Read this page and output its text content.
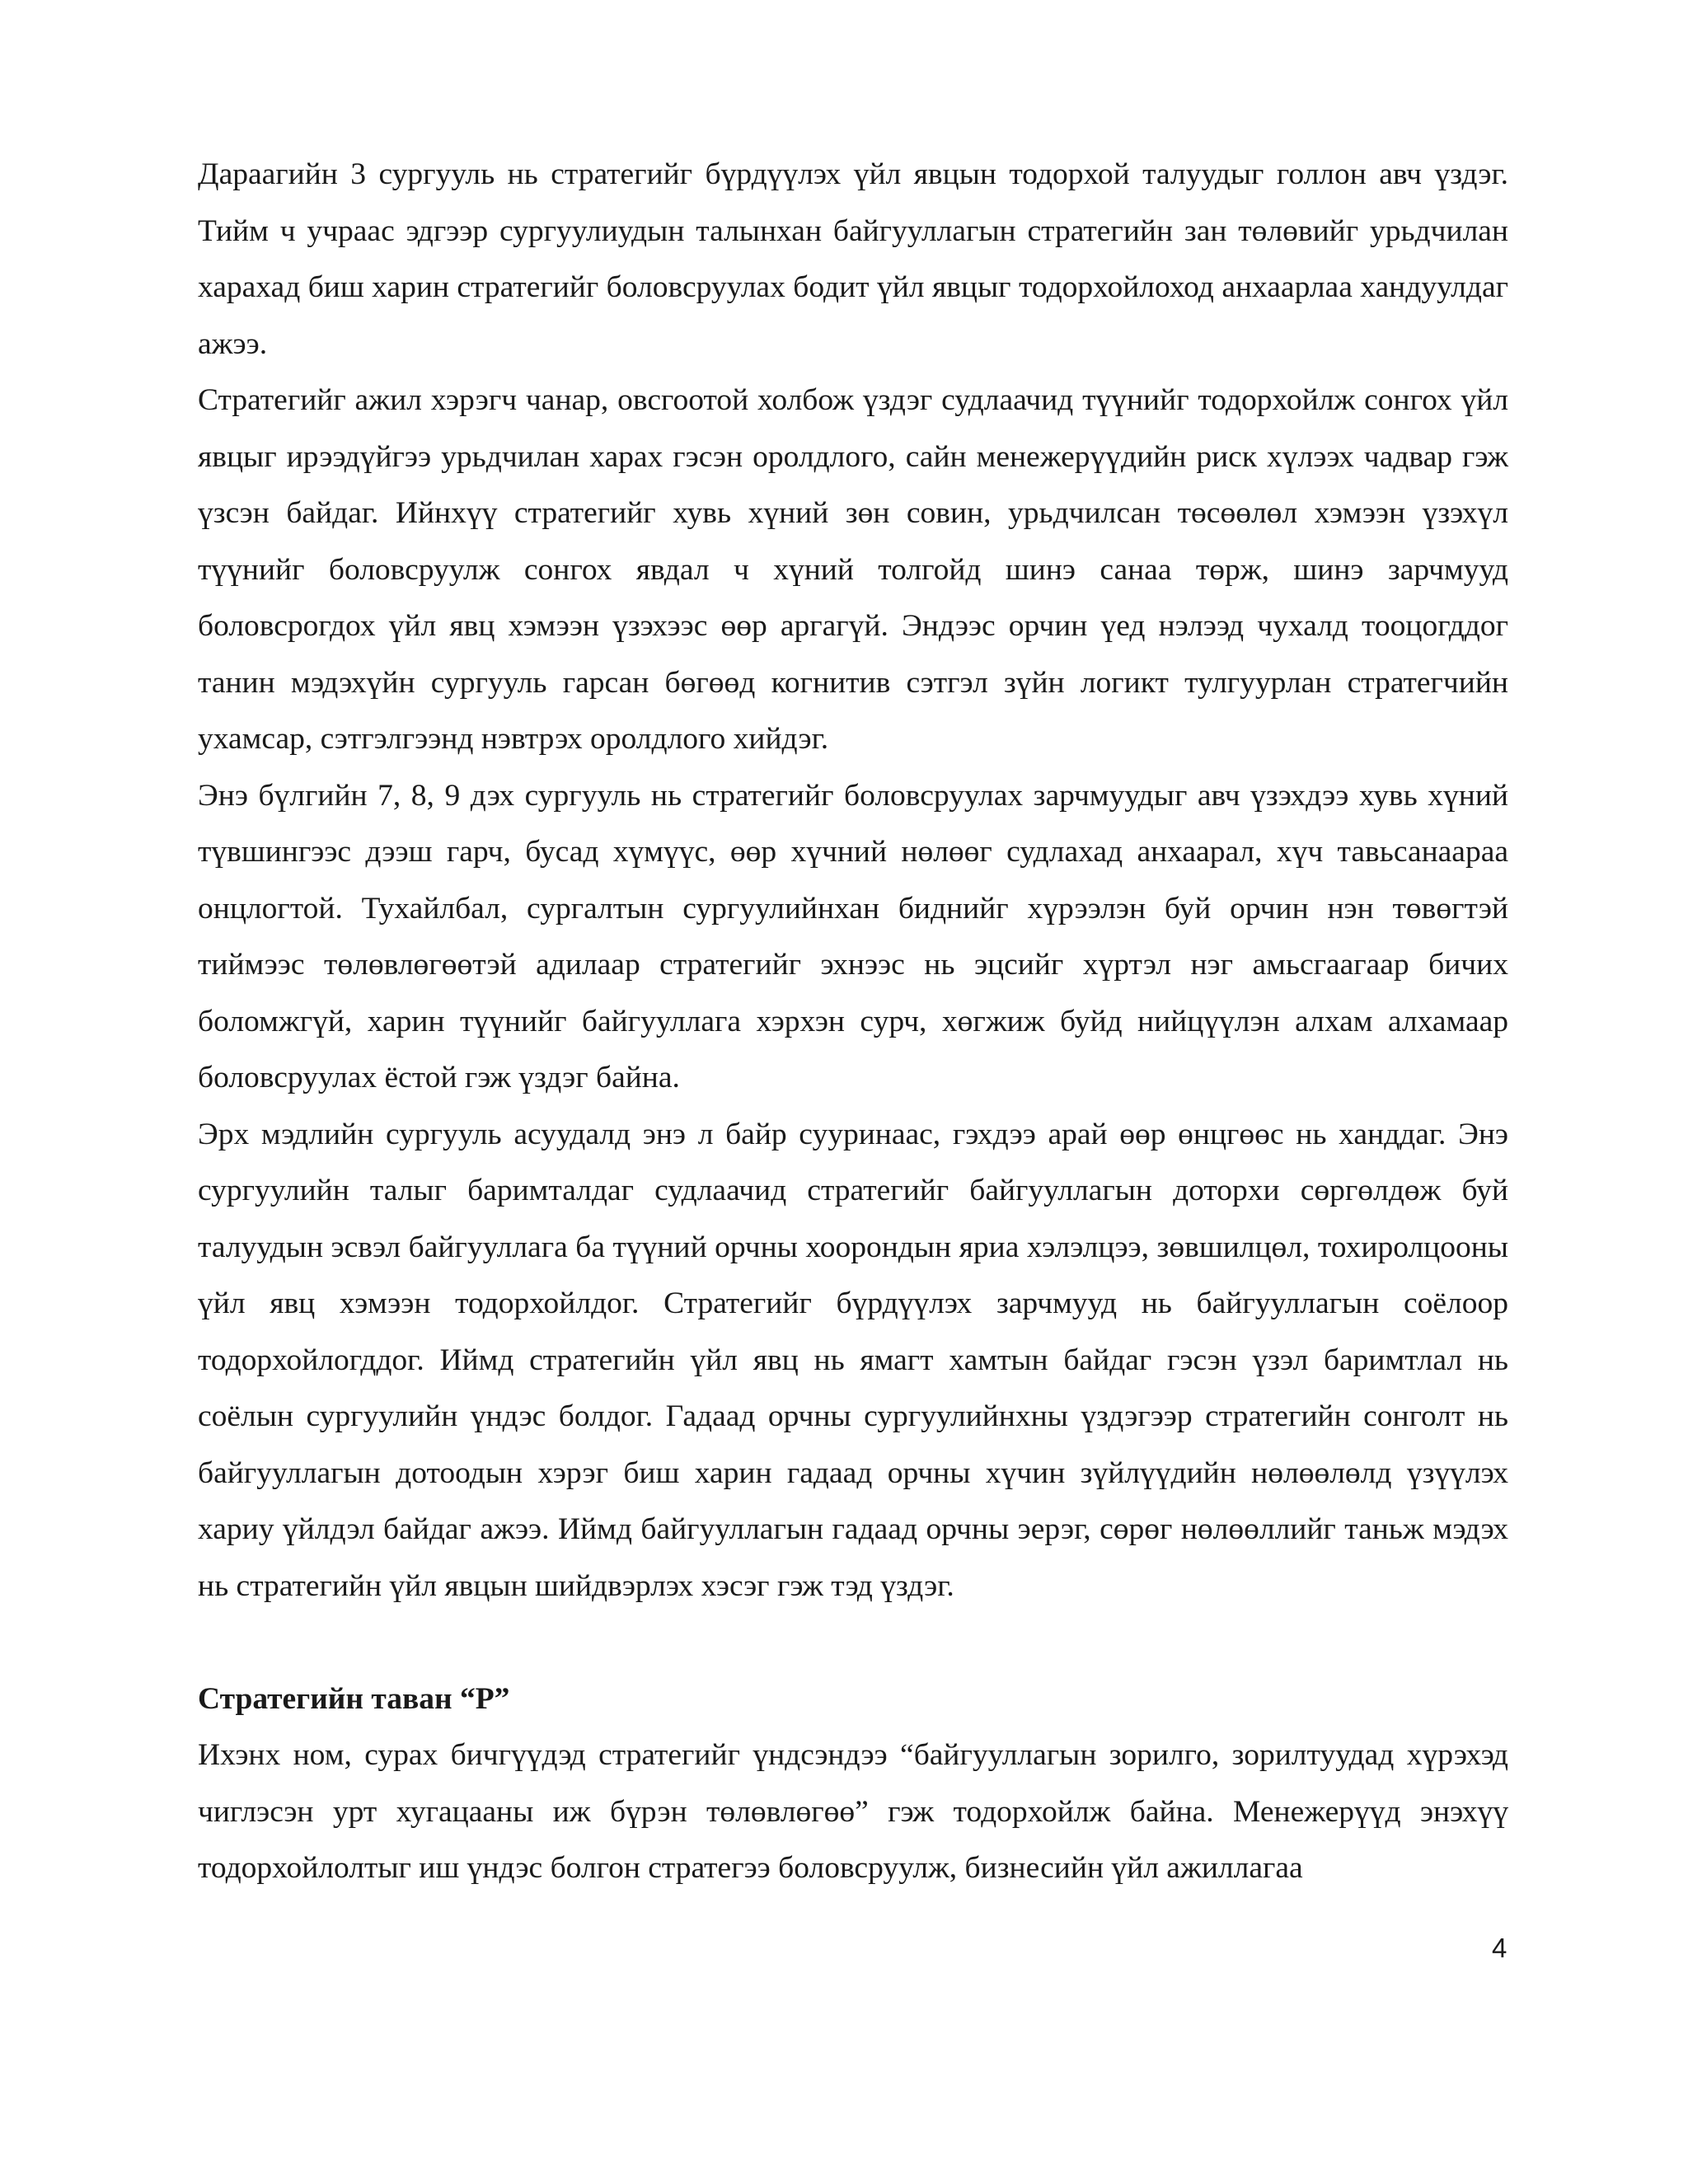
Дараагийн 3 сургууль нь стратегийг бүрдүүлэх үйл явцын тодорхой талуудыг голлон авч үздэг. Тийм ч учраас эдгээр сургуулиудын талынхан байгууллагын стратегийн зан төлөвийг урьдчилан харахад биш харин стратегийг боловсруулах бодит үйл явцыг тодорхойлоход анхаарлаа хандуулдаг ажээ.

Стратегийг ажил хэрэгч чанар, овсгоотой холбож үздэг судлаачид түүнийг тодорхойлж сонгох үйл явцыг ирээдүйгээ урьдчилан харах гэсэн оролдлого, сайн менежерүүдийн риск хүлээх чадвар гэж үзсэн байдаг. Ийнхүү стратегийг хувь хүний зөн совин, урьдчилсан төсөөлөл хэмээн үзэхүл түүнийг боловсруулж сонгох явдал ч хүний толгойд шинэ санаа төрж, шинэ зарчмууд боловсрогдох үйл явц хэмээн үзэхээс өөр аргагүй. Эндээс орчин үед нэлээд чухалд тооцогддог танин мэдэхүйн сургууль гарсан бөгөөд когнитив сэтгэл зүйн логикт тулгуурлан стратегчийн ухамсар, сэтгэлгээнд нэвтрэх оролдлого хийдэг.

Энэ бүлгийн 7, 8, 9 дэх сургууль нь стратегийг боловсруулах зарчмуудыг авч үзэхдээ хувь хүний түвшингээс дээш гарч, бусад хүмүүс, өөр хүчний нөлөөг судлахад анхаарал, хүч тавьсанаараа онцлогтой. Тухайлбал, сургалтын сургуулийнхан биднийг хүрээлэн буй орчин нэн төвөгтэй тиймээс төлөвлөгөөтэй адилаар стратегийг эхнээс нь эцсийг хүртэл нэг амьсгаагаар бичих боломжгүй, харин түүнийг байгууллага хэрхэн сурч, хөгжиж буйд нийцүүлэн алхам алхамаар боловсруулах ёстой гэж үздэг байна.

Эрх мэдлийн сургууль асуудалд энэ л байр сууринаас, гэхдээ арай өөр өнцгөөс нь ханддаг. Энэ сургуулийн талыг баримталдаг судлаачид стратегийг байгууллагын доторхи сөргөлдөж буй талуудын эсвэл байгууллага ба түүний орчны хоорондын яриа хэлэлцээ, зөвшилцөл, тохиролцооны үйл явц хэмээн тодорхойлдог. Стратегийг бүрдүүлэх зарчмууд нь байгууллагын соёлоор тодорхойлогддог. Иймд стратегийн үйл явц нь ямагт хамтын байдаг гэсэн үзэл баримтлал нь соёлын сургуулийн үндэс болдог. Гадаад орчны сургуулийнхны үздэгээр стратегийн сонголт нь байгууллагын дотоодын хэрэг биш харин гадаад орчны хүчин зүйлүүдийн нөлөөлөлд үзүүлэх хариу үйлдэл байдаг ажээ. Иймд байгууллагын гадаад орчны эерэг, сөрөг нөлөөллийг таньж мэдэх нь стратегийн үйл явцын шийдвэрлэх хэсэг гэж тэд үздэг.

Стратегийн таван “P”

Ихэнх ном, сурах бичгүүдэд стратегийг үндсэндээ “байгууллагын зорилго, зорилтуудад хүрэхэд чиглэсэн урт хугацааны иж бүрэн төлөвлөгөө” гэж тодорхойлж байна. Менежерүүд энэхүү тодорхойлолтыг иш үндэс болгон стратегээ боловсруулж, бизнесийн үйл ажиллагаа

4
